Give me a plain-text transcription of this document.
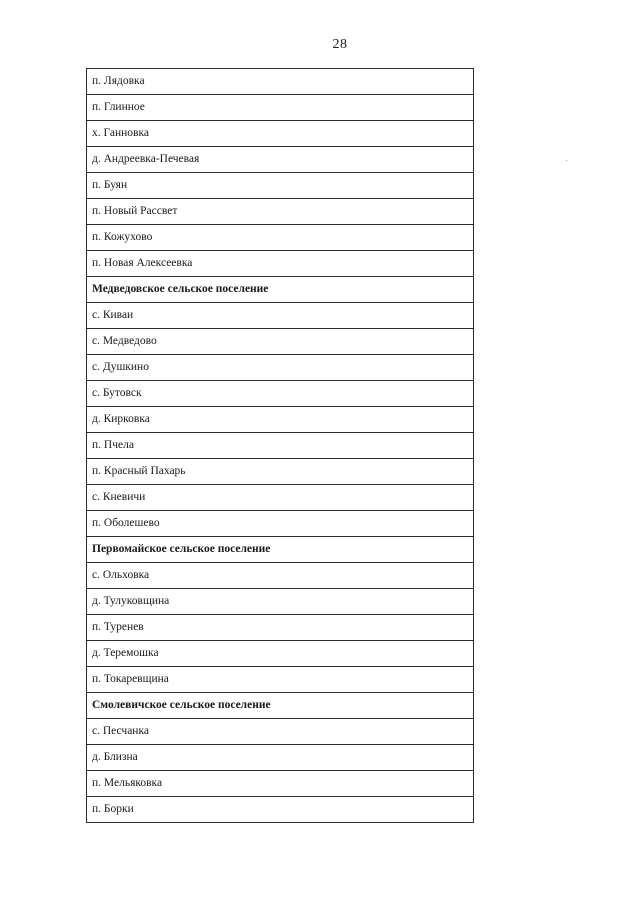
28
п. Лядовка
п. Глинное
х. Ганновка
д. Андреевка-Печевая
п. Буян
п. Новый Рассвет
п. Кожухово
п. Новая Алексеевка
Медведовское сельское поселение
с. Киваи
с. Медведово
с. Душкино
с. Бутовск
д. Кирковка
п. Пчела
п. Красный Пахарь
с. Кневичи
п. Оболешево
Первомайское сельское поселение
с. Ольховка
д. Тулуковщина
п. Туренев
д. Теремошка
п. Токаревщина
Смолевичское сельское поселение
с. Песчанка
д. Близна
п. Мельяковка
п. Борки
